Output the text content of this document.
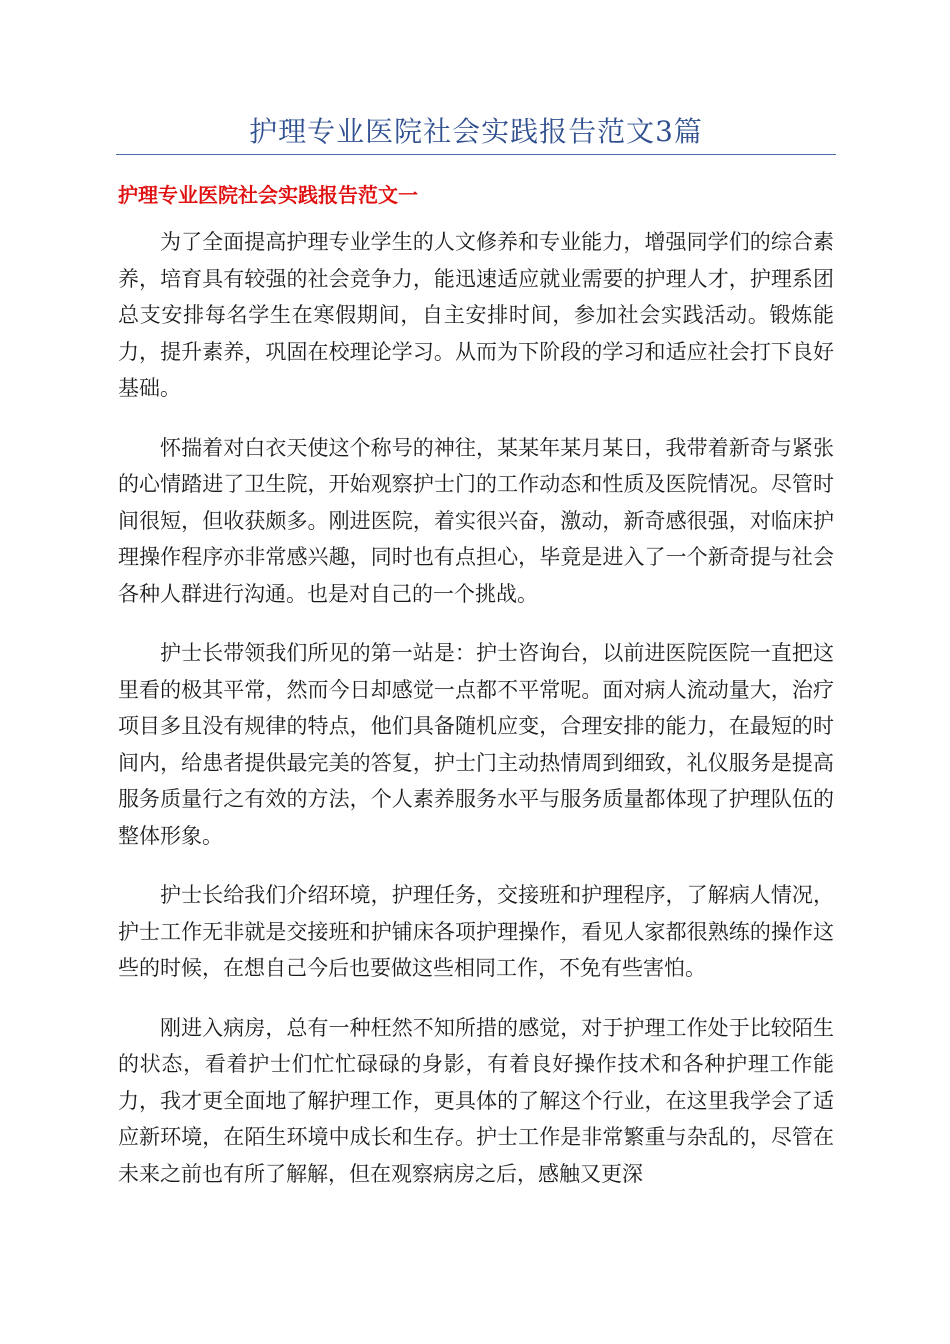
护理专业医院社会实践报告范文3篇
护理专业医院社会实践报告范文一

为了全面提高护理专业学生的人文修养和专业能力，增强同学们的综合素养，培育具有较强的社会竞争力，能迅速适应就业需要的护理人才，护理系团总支安排每名学生在寒假期间，自主安排时间，参加社会实践活动。锻炼能力，提升素养，巩固在校理论学习。从而为下阶段的学习和适应社会打下良好基础。

怀揣着对白衣天使这个称号的神往，某某年某月某日，我带着新奇与紧张的心情踏进了卫生院，开始观察护士门的工作动态和性质及医院情况。尽管时间很短，但收获颇多。刚进医院，着实很兴奋，激动，新奇感很强，对临床护理操作程序亦非常感兴趣，同时也有点担心，毕竟是进入了一个新奇提与社会各种人群进行沟通。也是对自己的一个挑战。

护士长带领我们所见的第一站是：护士咨询台，以前进医院医院一直把这里看的极其平常，然而今日却感觉一点都不平常呢。面对病人流动量大，治疗项目多且没有规律的特点，他们具备随机应变，合理安排的能力，在最短的时间内，给患者提供最完美的答复，护士门主动热情周到细致，礼仪服务是提高服务质量行之有效的方法，个人素养服务水平与服务质量都体现了护理队伍的整体形象。

护士长给我们介绍环境，护理任务，交接班和护理程序，了解病人情况，护士工作无非就是交接班和护铺床各项护理操作，看见人家都很熟练的操作这些的时候，在想自己今后也要做这些相同工作，不免有些害怕。

刚进入病房，总有一种枉然不知所措的感觉，对于护理工作处于比较陌生的状态，看着护士们忙忙碌碌的身影，有着良好操作技术和各种护理工作能力，我才更全面地了解护理工作，更具体的了解这个行业，在这里我学会了适应新环境，在陌生环境中成长和生存。护士工作是非常繁重与杂乱的，尽管在未来之前也有所了解解，但在观察病房之后，感触又更深
